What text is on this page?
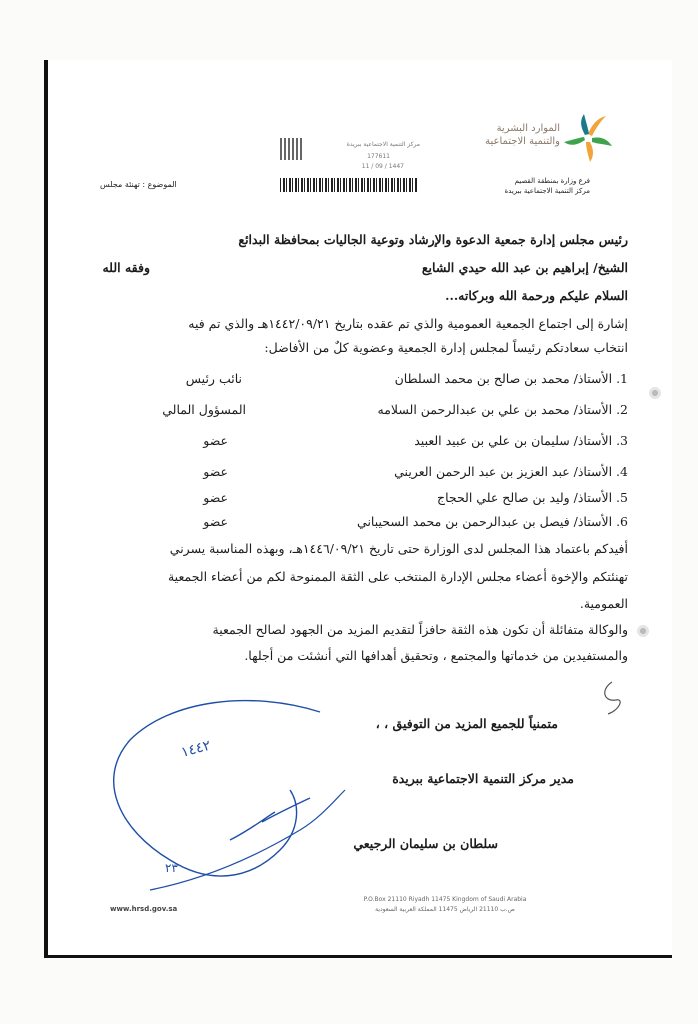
الموارد البشرية
والتنمية الاجتماعية
فرع وزارة بمنطقة القصيم
مركز التنمية الاجتماعية ببريدة
مركز التنمية الاجتماعية ببريدة
177611
1447 / 09 / 11
الموضوع : تهنئة مجلس
رئيس مجلس إدارة جمعية الدعوة والإرشاد وتوعية الجاليات بمحافظة البدائع
الشيخ/ إبراهيم بن عبد الله حيدي الشايع
وفقه الله
السلام عليكم ورحمة الله وبركاته...
إشارة إلى اجتماع الجمعية العمومية والذي تم عقده بتاريخ ١٤٤٢/٠٩/٢١هـ والذي تم فيه
انتخاب سعادتكم رئيساً لمجلس إدارة الجمعية وعضوية كلٌ من الأفاضل:
1. الأستاذ/ محمد بن صالح بن محمد السلطان
نائب رئيس
2. الأستاذ/ محمد بن علي بن عبدالرحمن السلامه
المسؤول المالي
3. الأستاذ/ سليمان بن علي بن عبيد العبيد
عضو
4. الأستاذ/ عبد العزيز بن عبد الرحمن العريني
عضو
5. الأستاذ/ وليد بن صالح علي الحجاج
عضو
6. الأستاذ/ فيصل بن عبدالرحمن بن محمد السحيباني
عضو
أفيدكم باعتماد هذا المجلس لدى الوزارة حتى تاريخ ١٤٤٦/٠٩/٢١هـ، وبهذه المناسبة يسرني
تهنئتكم والإخوة أعضاء مجلس الإدارة المنتخب على الثقة الممنوحة لكم من أعضاء الجمعية
العمومية.
والوكالة متفائلة أن تكون هذه الثقة حافزاً لتقديم المزيد من الجهود لصالح الجمعية
والمستفيدين من خدماتها والمجتمع ، وتحقيق أهدافها التي أنشئت من أجلها.
متمنياً للجميع المزيد من التوفيق ، ،
مدير مركز التنمية الاجتماعية ببريدة
سلطان بن سليمان الرجيعي
١٤٤٢
٢٣
P.O.Box 21110 Riyadh 11475 Kingdom of Saudi Arabia
ص.ب 21110 الرياض 11475 المملكة العربية السعودية
www.hrsd.gov.sa
